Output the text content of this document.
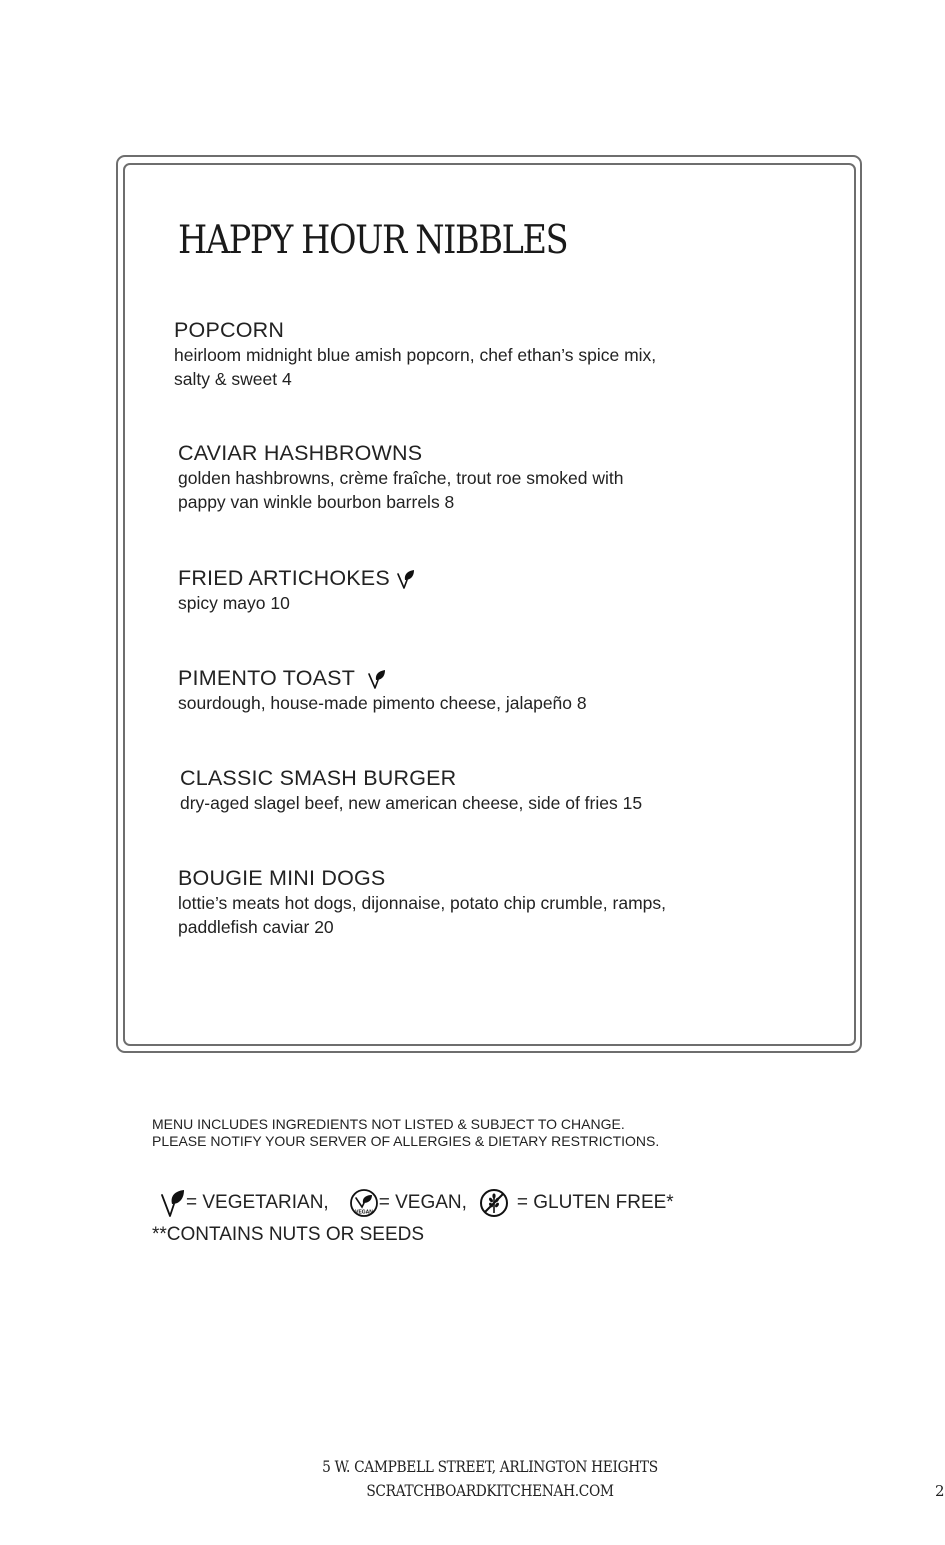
HAPPY HOUR NIBBLES
POPCORN
heirloom midnight blue amish popcorn, chef ethan’s spice mix,
salty & sweet 4
CAVIAR HASHBROWNS
golden hashbrowns, crème fraîche, trout roe smoked with
pappy van winkle bourbon barrels 8
FRIED ARTICHOKES
spicy mayo 10
PIMENTO TOAST
sourdough, house-made pimento cheese, jalapeño 8
CLASSIC SMASH BURGER
dry-aged slagel beef, new american cheese, side of fries 15
BOUGIE MINI DOGS
lottie’s meats hot dogs, dijonnaise, potato chip crumble, ramps,
paddlefish caviar 20
MENU INCLUDES INGREDIENTS NOT LISTED & SUBJECT TO CHANGE.
PLEASE NOTIFY YOUR SERVER OF ALLERGIES & DIETARY RESTRICTIONS.
= VEGETARIAN,	VEGAN = VEGAN,	= GLUTEN FREE*
**CONTAINS NUTS OR SEEDS
5 W. CAMPBELL STREET, ARLINGTON HEIGHTS
SCRATCHBOARDKITCHENAH.COM	2
